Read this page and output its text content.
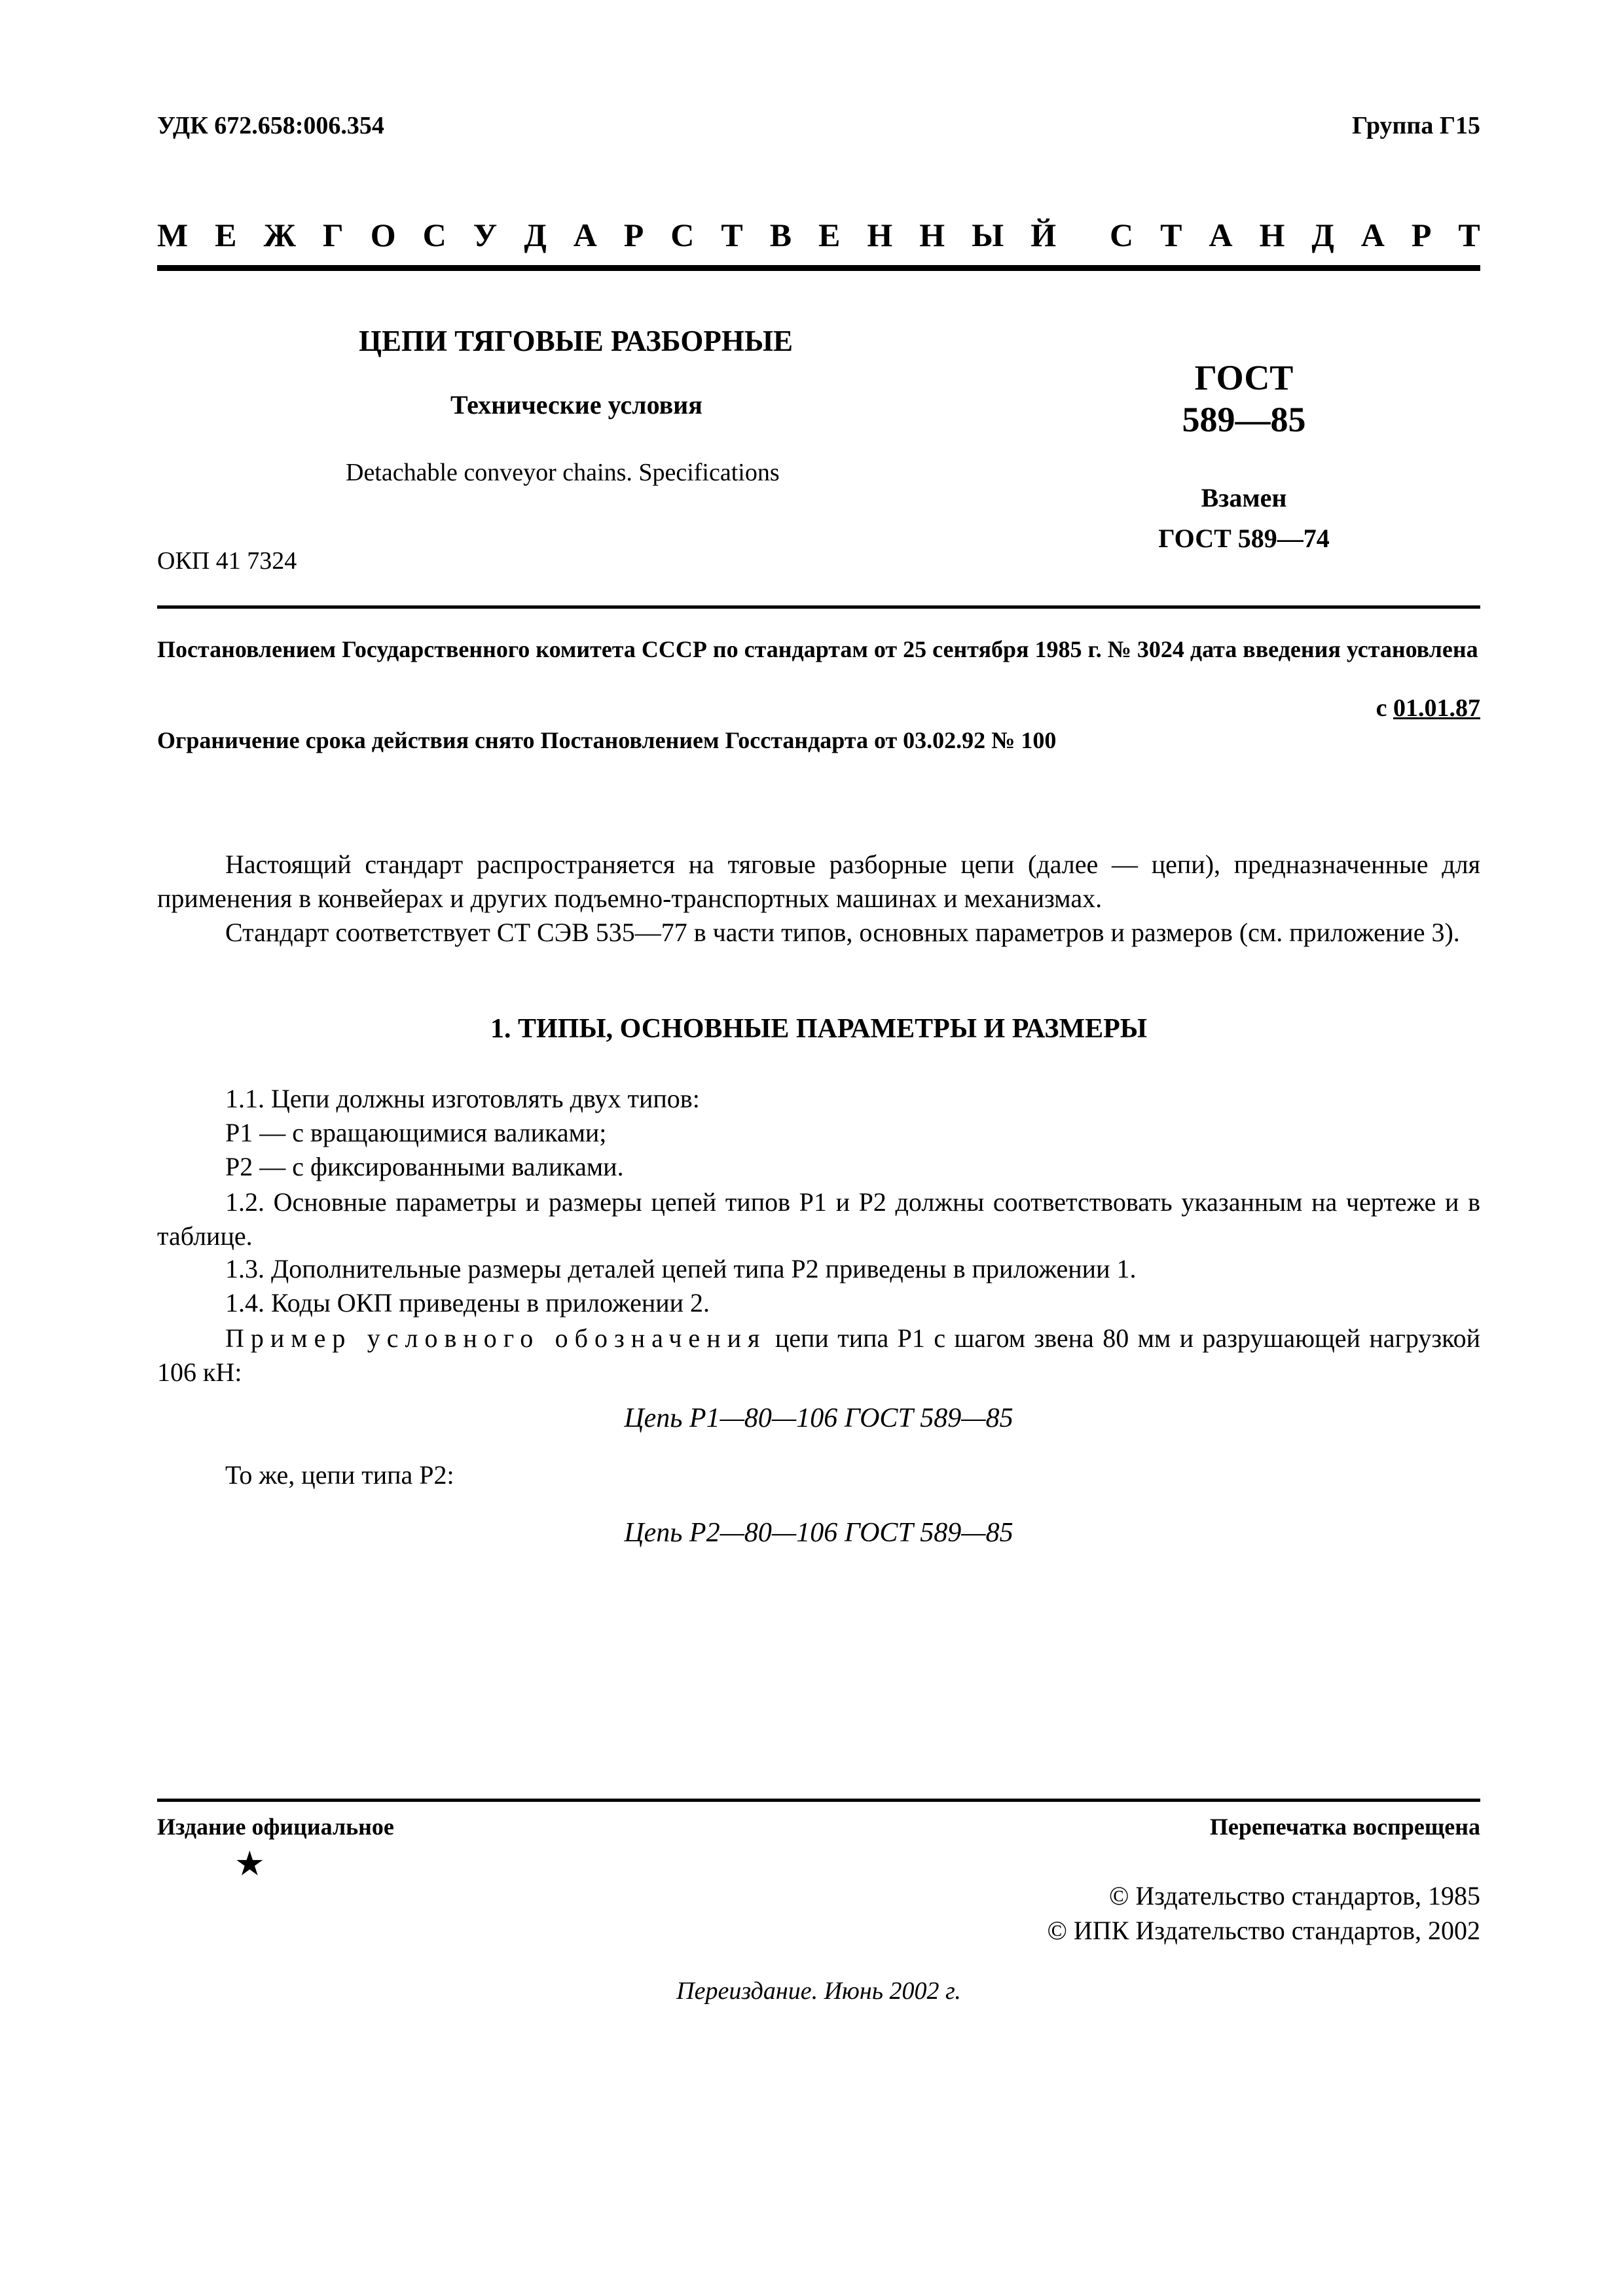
УДК 672.658:006.354	Группа Г15
М Е Ж Г О С У Д А Р С Т В Е Н Н Ы Й С Т А Н Д А Р Т
ЦЕПИ ТЯГОВЫЕ РАЗБОРНЫЕ
Технические условия
Detachable conveyor chains. Specifications
ОКП 41 7324
ГОСТ
589—85
Взамен
ГОСТ 589—74
Постановлением Государственного комитета СССР по стандартам от 25 сентября 1985 г. № 3024 дата введения установлена
с 01.01.87
Ограничение срока действия снято Постановлением Госстандарта от 03.02.92 № 100
Настоящий стандарт распространяется на тяговые разборные цепи (далее — цепи), предназначенные для применения в конвейерах и других подъемно-транспортных машинах и механизмах.
Стандарт соответствует СТ СЭВ 535—77 в части типов, основных параметров и размеров (см. приложение 3).
1. ТИПЫ, ОСНОВНЫЕ ПАРАМЕТРЫ И РАЗМЕРЫ
1.1. Цепи должны изготовлять двух типов:
Р1 — с вращающимися валиками;
Р2 — с фиксированными валиками.
1.2. Основные параметры и размеры цепей типов Р1 и Р2 должны соответствовать указанным на чертеже и в таблице.
1.3. Дополнительные размеры деталей цепей типа Р2 приведены в приложении 1.
1.4. Коды ОКП приведены в приложении 2.
Пример условного обозначения цепи типа Р1 с шагом звена 80 мм и разрушающей нагрузкой 106 кН:
Цепь Р1—80—106 ГОСТ 589—85
То же, цепи типа Р2:
Цепь Р2—80—106 ГОСТ 589—85
Издание официальное	Перепечатка воспрещена
★
© Издательство стандартов, 1985
© ИПК Издательство стандартов, 2002
Переиздание. Июнь 2002 г.
